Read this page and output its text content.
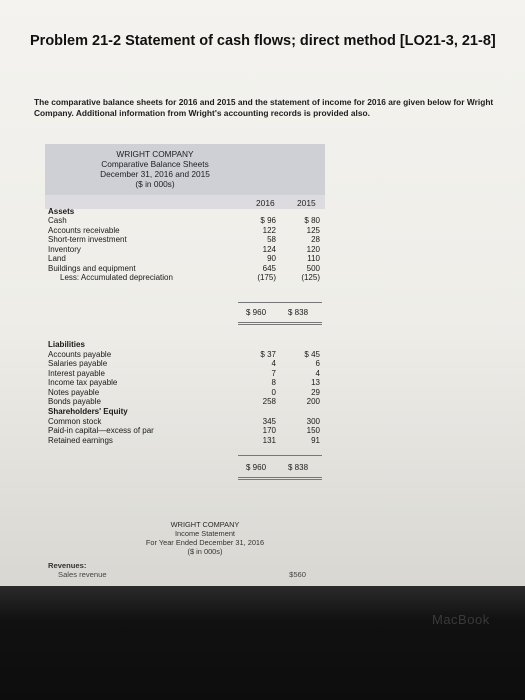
Problem 21-2 Statement of cash flows; direct method [LO21-3, 21-8]
The comparative balance sheets for 2016 and 2015 and the statement of income for 2016 are given below for Wright Company. Additional information from Wright's accounting records is provided also.
WRIGHT COMPANY
Comparative Balance Sheets
December 31, 2016 and 2015
($ in 000s)
2016	2015
Assets
Cash	$ 96	$ 80
Accounts receivable	122	125
Short-term investment	58	28
Inventory	124	120
Land	90	110
Buildings and equipment	645	500
Less: Accumulated depreciation	(175)	(125)
$ 960	$ 838
Liabilities
Accounts payable	$ 37	$ 45
Salaries payable	4	6
Interest payable	7	4
Income tax payable	8	13
Notes payable	0	29
Bonds payable	258	200
Shareholders' Equity
Common stock	345	300
Paid-in capital—excess of par	170	150
Retained earnings	131	91
$ 960	$ 838
WRIGHT COMPANY
Income Statement
For Year Ended December 31, 2016
($ in 000s)
Revenues:
Sales revenue	$560
MacBook
